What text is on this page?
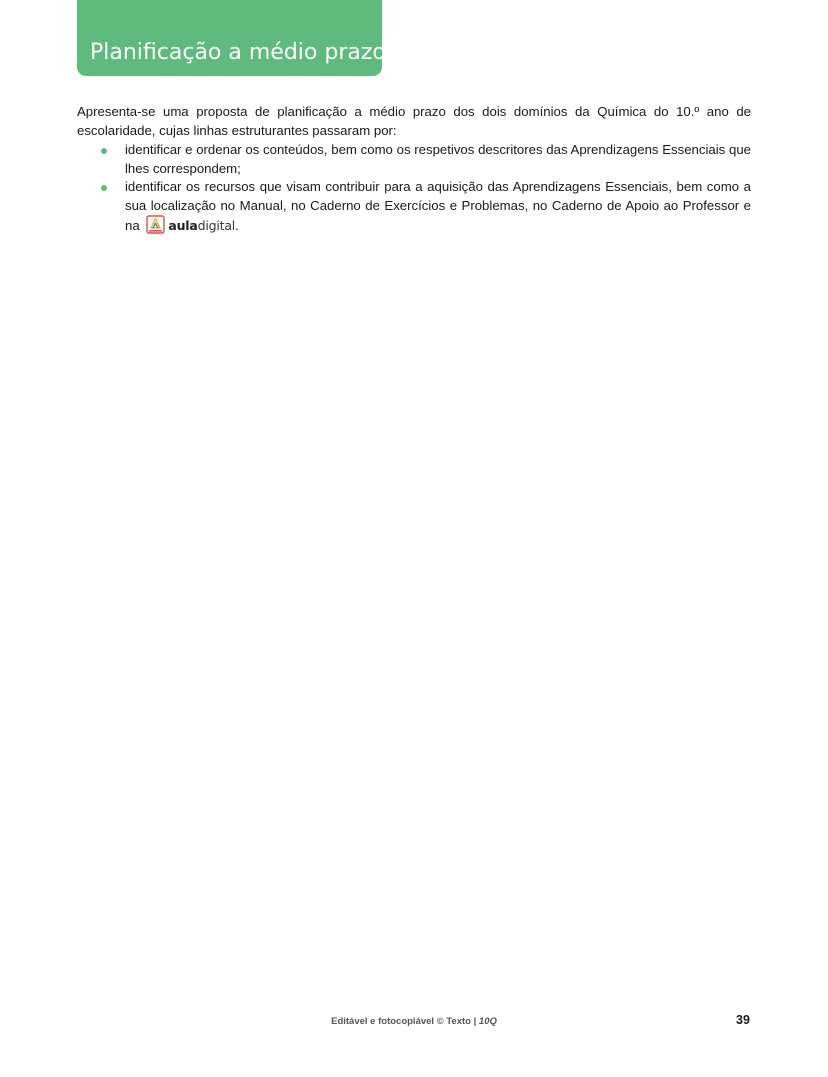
Planificação a médio prazo

Apresenta-se uma proposta de planificação a médio prazo dos dois domínios da Química do 10.º ano de escolaridade, cujas linhas estruturantes passaram por:

identificar e ordenar os conteúdos, bem como os respetivos descritores das Aprendizagens Essenciais que lhes correspondem;
identificar os recursos que visam contribuir para a aquisição das Aprendizagens Essenciais, bem como a sua localização no Manual, no Caderno de Exercícios e Problemas, no Caderno de Apoio ao Professor e na auladigital.
Editável e fotocopiável © Texto | 10Q	39
